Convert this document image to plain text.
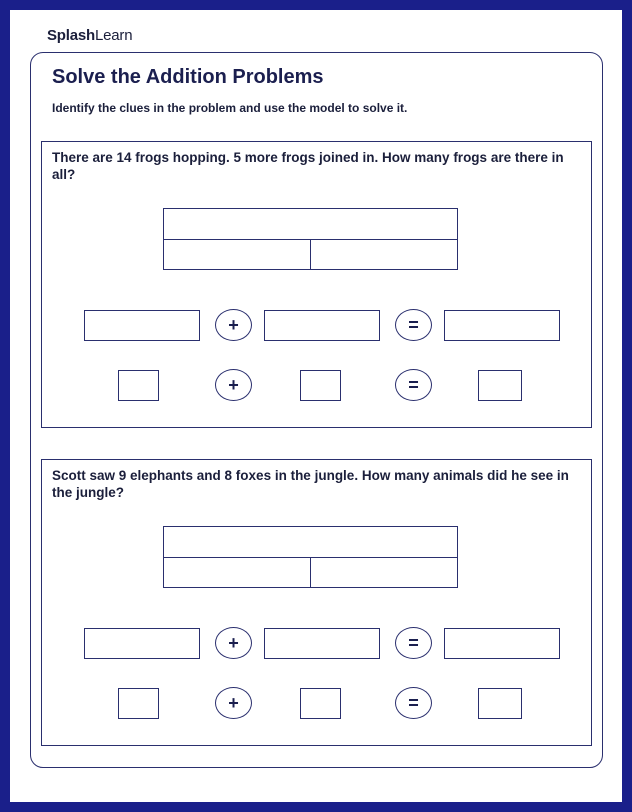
SplashLearn
Solve the Addition Problems
Identify the clues in the problem and use the model to solve it.
There are 14 frogs hopping. 5 more frogs joined in. How many frogs are there in all?
+	=
+	=
Scott saw 9 elephants and 8 foxes in the jungle. How many animals did he see in the jungle?
+	=
+	=
